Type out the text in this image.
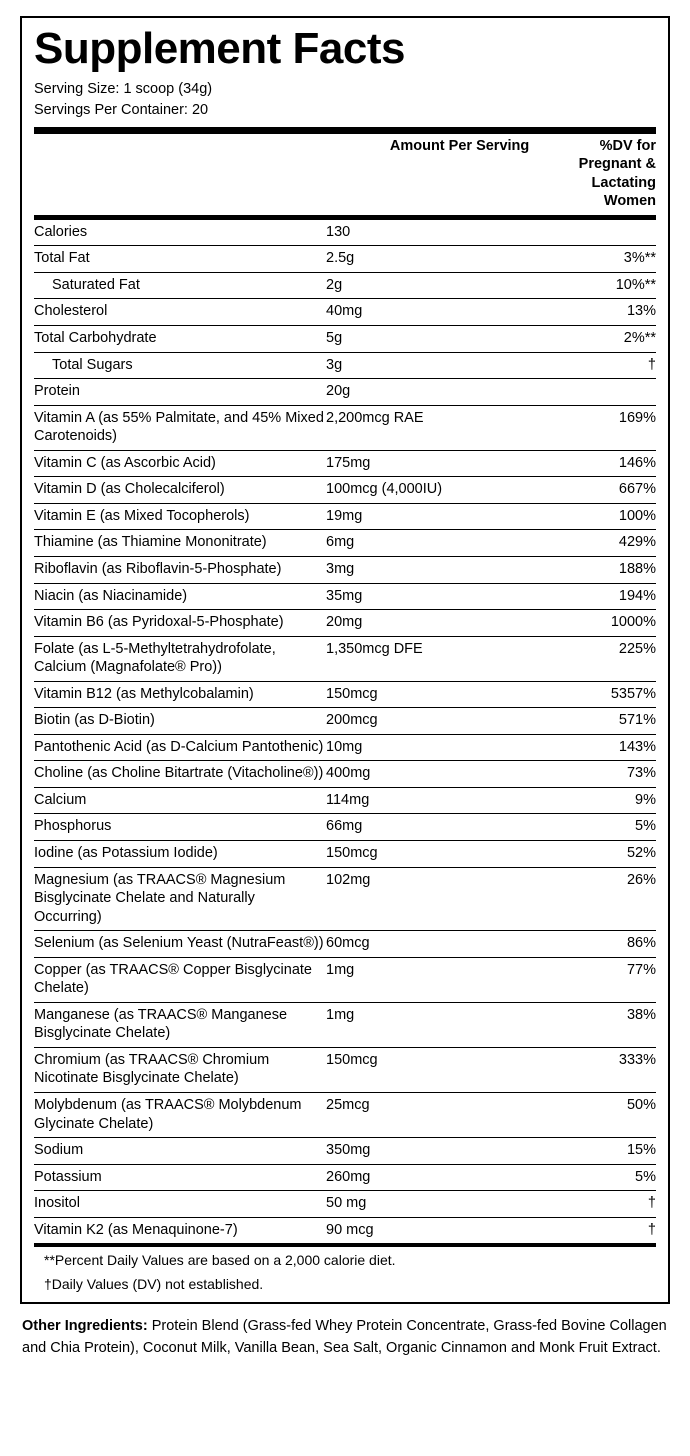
Supplement Facts
Serving Size: 1 scoop (34g)
Servings Per Container: 20
	Amount Per Serving	%DV for
Pregnant &
Lactating
Women
Calories	130	
Total Fat	2.5g	3%**
Saturated Fat	2g	10%**
Cholesterol	40mg	13%
Total Carbohydrate	5g	2%**
Total Sugars	3g	†
Protein	20g	
Vitamin A (as 55% Palmitate, and 45% Mixed Carotenoids)	2,200mcg RAE	169%
Vitamin C (as Ascorbic Acid)	175mg	146%
Vitamin D (as Cholecalciferol)	100mcg (4,000IU)	667%
Vitamin E (as Mixed Tocopherols)	19mg	100%
Thiamine (as Thiamine Mononitrate)	6mg	429%
Riboflavin (as Riboflavin-5-Phosphate)	3mg	188%
Niacin (as Niacinamide)	35mg	194%
Vitamin B6 (as Pyridoxal-5-Phosphate)	20mg	1000%
Folate (as L-5-Methyltetrahydrofolate, Calcium (Magnafolate® Pro))	1,350mcg DFE	225%
Vitamin B12 (as Methylcobalamin)	150mcg	5357%
Biotin (as D-Biotin)	200mcg	571%
Pantothenic Acid (as D-Calcium Pantothenic)	10mg	143%
Choline (as Choline Bitartrate (Vitacholine®))	400mg	73%
Calcium	114mg	9%
Phosphorus	66mg	5%
Iodine (as Potassium Iodide)	150mcg	52%
Magnesium (as TRAACS® Magnesium Bisglycinate Chelate and Naturally Occurring)	102mg	26%
Selenium (as Selenium Yeast (NutraFeast®))	60mcg	86%
Copper (as TRAACS® Copper Bisglycinate Chelate)	1mg	77%
Manganese (as TRAACS® Manganese Bisglycinate Chelate)	1mg	38%
Chromium (as TRAACS® Chromium Nicotinate Bisglycinate Chelate)	150mcg	333%
Molybdenum (as TRAACS® Molybdenum Glycinate Chelate)	25mcg	50%
Sodium	350mg	15%
Potassium	260mg	5%
Inositol	50 mg	†
Vitamin K2 (as Menaquinone-7)	90 mcg	†
**Percent Daily Values are based on a 2,000 calorie diet.
†Daily Values (DV) not established.
Other Ingredients: Protein Blend (Grass-fed Whey Protein Concentrate, Grass-fed Bovine Collagen and Chia Protein), Coconut Milk, Vanilla Bean, Sea Salt, Organic Cinnamon and Monk Fruit Extract.
